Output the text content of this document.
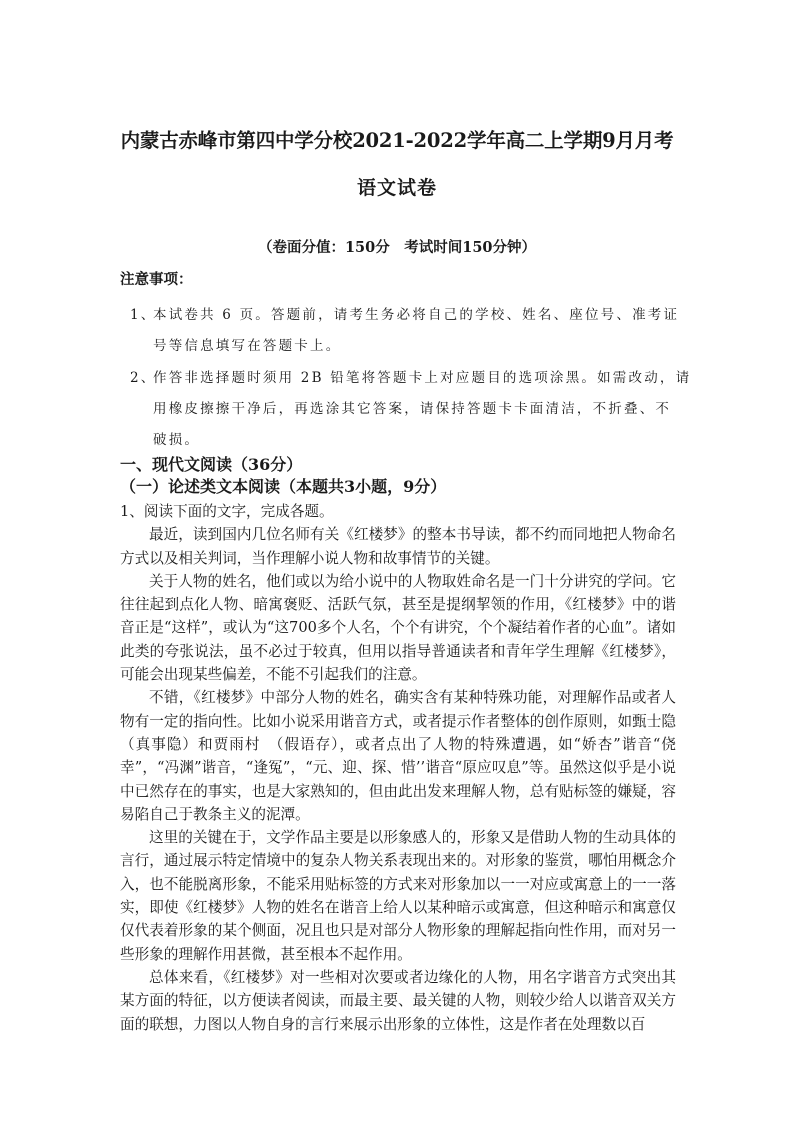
内蒙古赤峰市第四中学分校2021-2022学年高二上学期9月月考
语文试卷
（卷面分值：150分　考试时间150分钟）
注意事项：
1、
本试卷共 6 页。答题前，请考生务必将自己的学校、姓名、座位号、准考证
号等信息填写在答题卡上。
2、
作答非选择题时须用 2B 铅笔将答题卡上对应题目的选项涂黑。如需改动，请
用橡皮擦擦干净后，再选涂其它答案，请保持答题卡卡面清洁，不折叠、不
破损。
一、现代文阅读（36分）
（一）论述类文本阅读（本题共3小题，9分）

1、阅读下面的文字，完成各题。

最近，读到国内几位名师有关《红楼梦》的整本书导读，都不约而同地把人物命名方式以及相关判词，当作理解小说人物和故事情节的关键。

关于人物的姓名，他们或以为给小说中的人物取姓命名是一门十分讲究的学问。它往往起到点化人物、暗寓褒贬、活跃气氛，甚至是提纲挈领的作用，《红楼梦》中的谐音正是“这样”，或认为“这700多个人名，个个有讲究，个个凝结着作者的心血”。诸如此类的夸张说法，虽不必过于较真，但用以指导普通读者和青年学生理解《红楼梦》，可能会出现某些偏差，不能不引起我们的注意。

不错，《红楼梦》中部分人物的姓名，确实含有某种特殊功能，对理解作品或者人物有一定的指向性。比如小说采用谐音方式，或者提示作者整体的创作原则，如甄士隐（真事隐）和贾雨村　（假语存），或者点出了人物的特殊遭遇，如“娇杏”谐音“侥幸”，“冯渊”谐音，“逢冤”，“元、迎、探、惜’’谐音“原应叹息”等。虽然这似乎是小说中已然存在的事实，也是大家熟知的，但由此出发来理解人物，总有贴标签的嫌疑，容易陷自己于教条主义的泥潭。

这里的关键在于，文学作品主要是以形象感人的，形象又是借助人物的生动具体的言行，通过展示特定情境中的复杂人物关系表现出来的。对形象的鉴赏，哪怕用概念介入，也不能脱离形象，不能采用贴标签的方式来对形象加以一一对应或寓意上的一一落实，即使《红楼梦》人物的姓名在谐音上给人以某种暗示或寓意，但这种暗示和寓意仅仅代表着形象的某个侧面，况且也只是对部分人物形象的理解起指向性作用，而对另一些形象的理解作用甚微，甚至根本不起作用。

总体来看，《红楼梦》对一些相对次要或者边缘化的人物，用名字谐音方式突出其某方面的特征，以方便读者阅读，而最主要、最关键的人物，则较少给人以谐音双关方面的联想，力图以人物自身的言行来展示出形象的立体性，这是作者在处理数以百
